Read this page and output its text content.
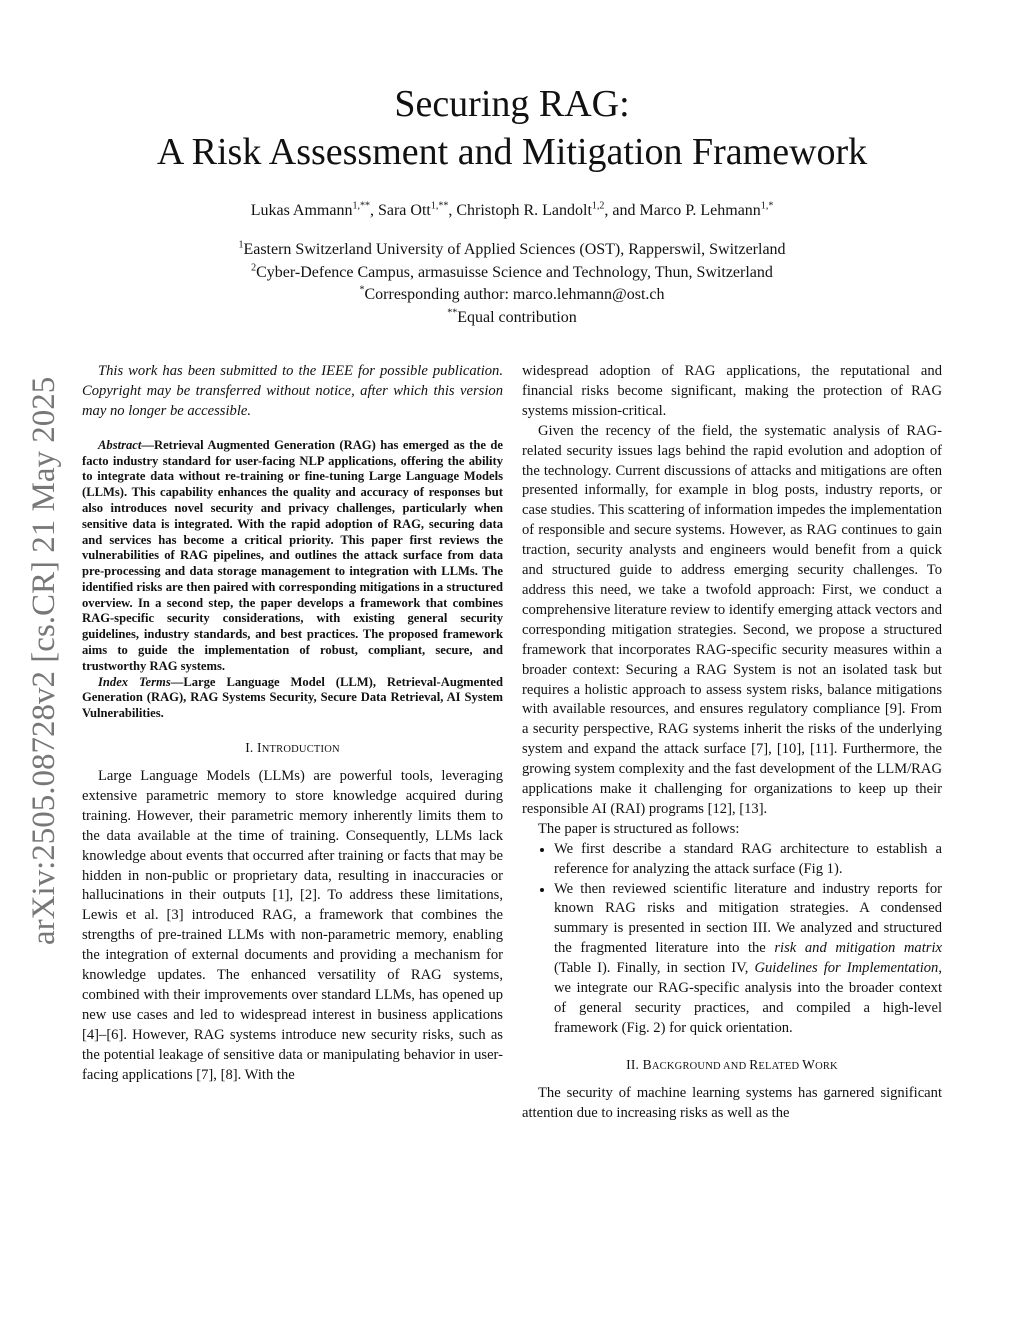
arXiv:2505.08728v2 [cs.CR] 21 May 2025
Securing RAG:
A Risk Assessment and Mitigation Framework
Lukas Ammann$^{1,**}$, Sara Ott$^{1,**}$, Christoph R. Landolt$^{1,2}$, and Marco P. Lehmann$^{1,*}$
$^1$Eastern Switzerland University of Applied Sciences (OST), Rapperswil, Switzerland
$^2$Cyber-Defence Campus, armasuisse Science and Technology, Thun, Switzerland
*Corresponding author: marco.lehmann@ost.ch
**Equal contribution

This work has been submitted to the IEEE for possible publication. Copyright may be transferred without notice, after which this version may no longer be accessible.

Abstract—Retrieval Augmented Generation (RAG) has emerged as the de facto industry standard for user-facing NLP applications, offering the ability to integrate data without re-training or fine-tuning Large Language Models (LLMs). This capability enhances the quality and accuracy of responses but also introduces novel security and privacy challenges, particularly when sensitive data is integrated. With the rapid adoption of RAG, securing data and services has become a critical priority. This paper first reviews the vulnerabilities of RAG pipelines, and outlines the attack surface from data pre-processing and data storage management to integration with LLMs. The identified risks are then paired with corresponding mitigations in a structured overview. In a second step, the paper develops a framework that combines RAG-specific security considerations, with existing general security guidelines, industry standards, and best practices. The proposed framework aims to guide the implementation of robust, compliant, secure, and trustworthy RAG systems.

Index Terms—Large Language Model (LLM), Retrieval-Augmented Generation (RAG), RAG Systems Security, Secure Data Retrieval, AI System Vulnerabilities.

I. INTRODUCTION

Large Language Models (LLMs) are powerful tools, leveraging extensive parametric memory to store knowledge acquired during training. However, their parametric memory inherently limits them to the data available at the time of training. Consequently, LLMs lack knowledge about events that occurred after training or facts that may be hidden in non-public or proprietary data, resulting in inaccuracies or hallucinations in their outputs [1], [2]. To address these limitations, Lewis et al. [3] introduced RAG, a framework that combines the strengths of pre-trained LLMs with non-parametric memory, enabling the integration of external documents and providing a mechanism for knowledge updates. The enhanced versatility of RAG systems, combined with their improvements over standard LLMs, has opened up new use cases and led to widespread interest in business applications [4]–[6]. However, RAG systems introduce new security risks, such as the potential leakage of sensitive data or manipulating behavior in user-facing applications [7], [8]. With the

widespread adoption of RAG applications, the reputational and financial risks become significant, making the protection of RAG systems mission-critical.

Given the recency of the field, the systematic analysis of RAG-related security issues lags behind the rapid evolution and adoption of the technology. Current discussions of attacks and mitigations are often presented informally, for example in blog posts, industry reports, or case studies. This scattering of information impedes the implementation of responsible and secure systems. However, as RAG continues to gain traction, security analysts and engineers would benefit from a quick and structured guide to address emerging security challenges. To address this need, we take a twofold approach: First, we conduct a comprehensive literature review to identify emerging attack vectors and corresponding mitigation strategies. Second, we propose a structured framework that incorporates RAG-specific security measures within a broader context: Securing a RAG System is not an isolated task but requires a holistic approach to assess system risks, balance mitigations with available resources, and ensures regulatory compliance [9]. From a security perspective, RAG systems inherit the risks of the underlying system and expand the attack surface [7], [10], [11]. Furthermore, the growing system complexity and the fast development of the LLM/RAG applications make it challenging for organizations to keep up their responsible AI (RAI) programs [12], [13].

The paper is structured as follows:

• We first describe a standard RAG architecture to establish a reference for analyzing the attack surface (Fig 1).
• We then reviewed scientific literature and industry reports for known RAG risks and mitigation strategies. A condensed summary is presented in section III. We analyzed and structured the fragmented literature into the risk and mitigation matrix (Table I). Finally, in section IV, Guidelines for Implementation, we integrate our RAG-specific analysis into the broader context of general security practices, and compiled a high-level framework (Fig. 2) for quick orientation.

II. BACKGROUND AND RELATED WORK

The security of machine learning systems has garnered significant attention due to increasing risks as well as the
